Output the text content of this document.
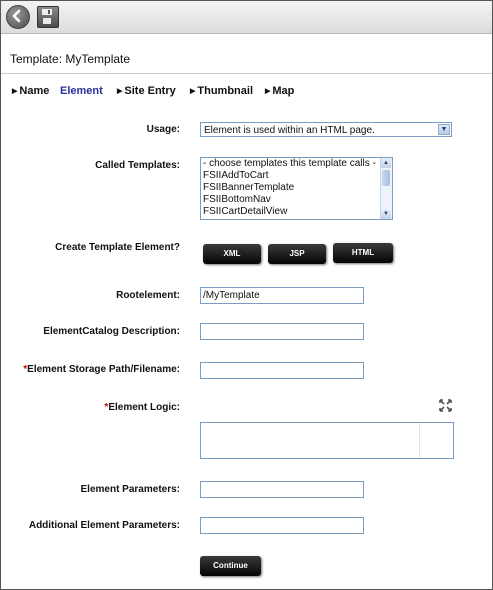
Template: MyTemplate
▶ Name Element ▶ Site Entry ▶ Thumbnail ▶ Map
Usage:	Element is used within an HTML page.	▼
Called Templates: - choose templates this template calls -
FSIIAddToCart
FSIIBannerTemplate
FSIIBottomNav
FSIICartDetailView
▲
▼
Create Template Element?
XML	JSP	HTML
Rootelement:	/MyTemplate
ElementCatalog Description:
*Element Storage Path/Filename:
*Element Logic:
Element Parameters:
Additional Element Parameters:
Continue
